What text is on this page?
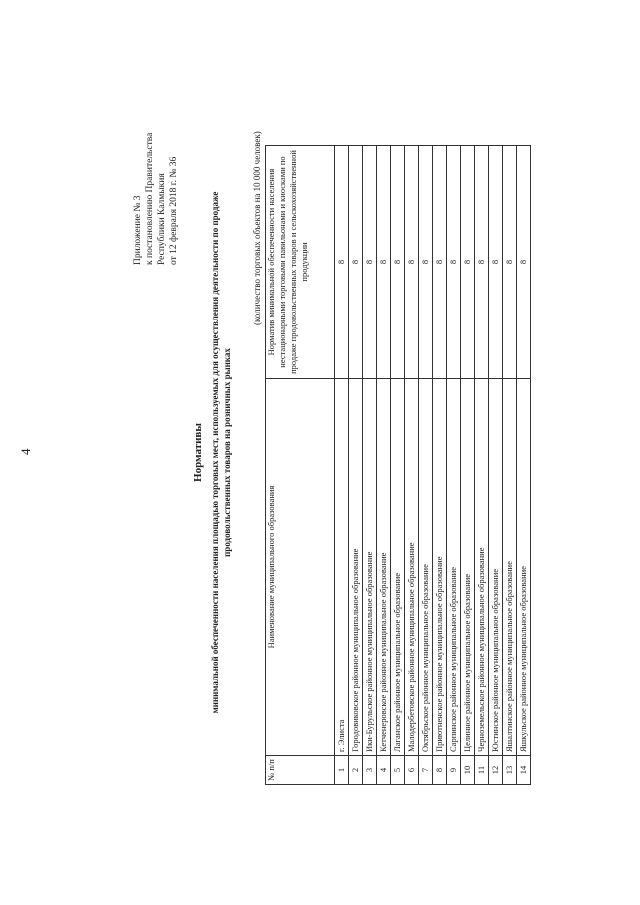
4
Приложение № 3 к постановлению Правительства Республики Калмыкия от 12 февраля 2018 г. № 36
Нормативы минимальной обеспеченности населения площадью торговых мест, используемых для осуществления деятельности по продаже продовольственных товаров на розничных рынках
(количество торговых объектов на 10 000 человек)
№ п/п	Наименование муниципального образования	Норматив минимальной обеспеченности населения нестационарными торговыми павильонами и киосками по продаже продовольственных товаров и сельскохозяйственной продукции
1	г. Элиста	8
2	Городовиковское районное муниципальное образование	8
3	Ики-Бурульское районное муниципальное образование	8
4	Кетченеровское районное муниципальное образование	8
5	Лаганское районное муниципальное образование	8
6	Малодербетовское районное муниципальное образование	8
7	Октябрьское районное муниципальное образование	8
8	Приютненское районное муниципальное образование	8
9	Сарпинское районное муниципальное образование	8
10	Целинное районное муниципальное образование	8
11	Черноземельское районное муниципальное образование	8
12	Юстинское районное муниципальное образование	8
13	Яшалтинское районное муниципальное образование	8
14	Яшкульское районное муниципальное образование	8
